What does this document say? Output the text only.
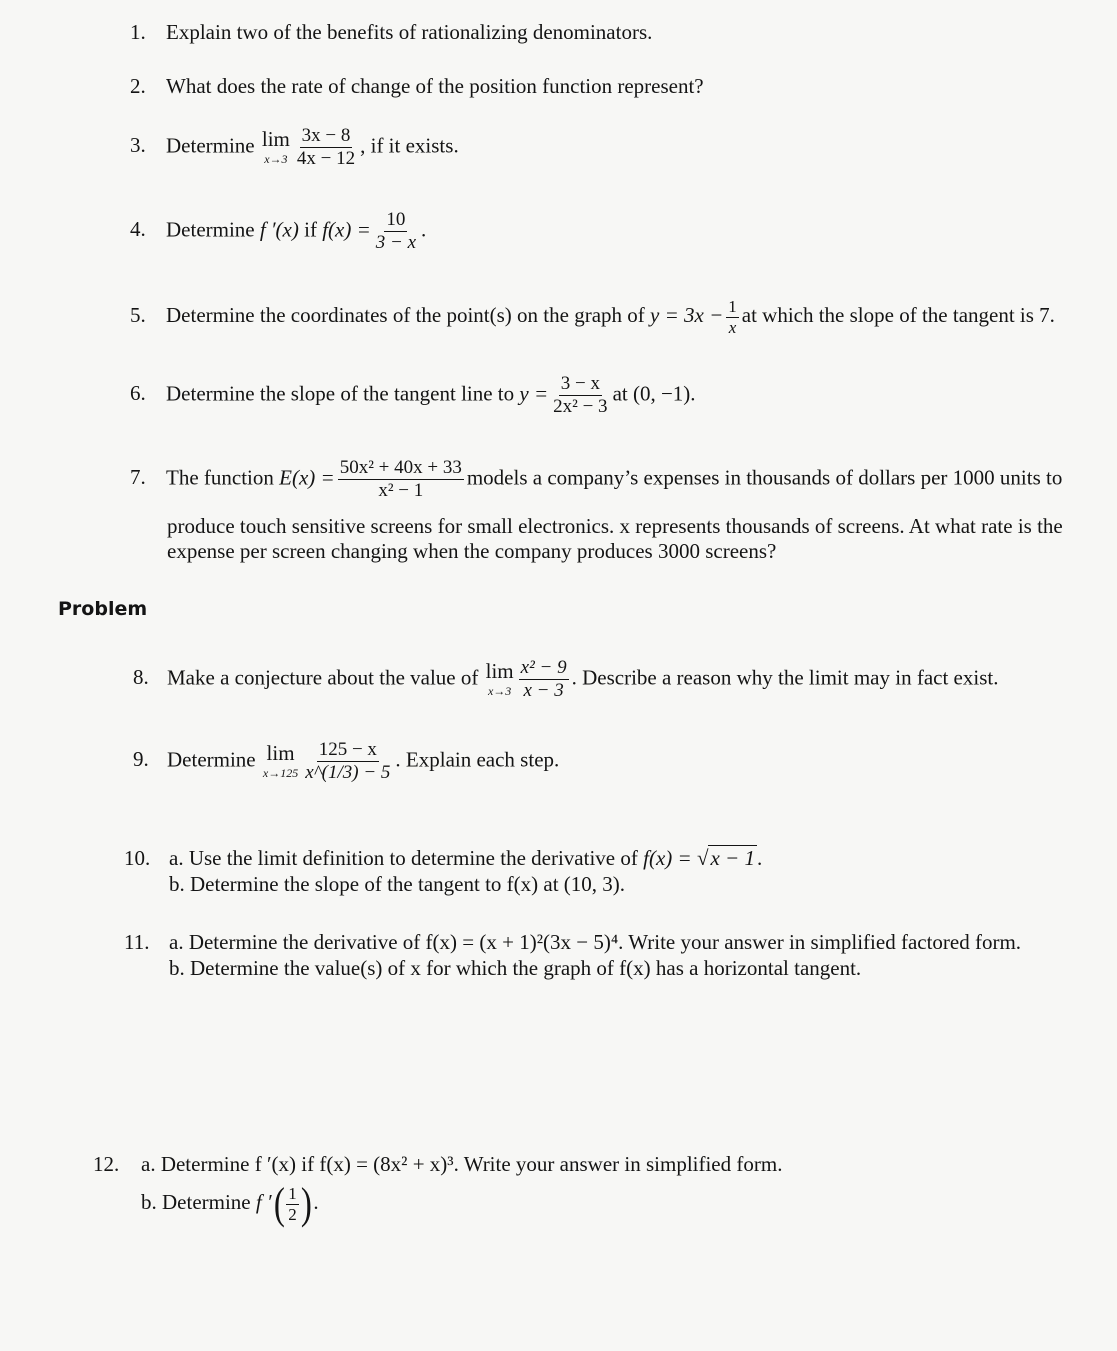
1. Explain two of the benefits of rationalizing denominators.
2. What does the rate of change of the position function represent?
3. Determine lim
$x\to 3 \frac{3x - 8}{4x - 12}$ , if it exists.
4. Determine f ′(x) if $f(x) = \frac{10}{3 - x}$ .
5. Determine the coordinates of the point(s) on the graph of $y = 3x - \frac{1}{x}$ at which the slope of the tangent is 7.
6. Determine the slope of the tangent line to $y = \frac{3 - x}{\text{2x² − 3}}$ at (0, −1).
7. The function $E(x) = \frac{\text{50x² + 40x + 33}}{\text{x² − 1}}$ models a company’s expenses in thousands of dollars per 1000 units to
produce touch sensitive screens for small electronics. x represents thousands of screens. At what rate is the
expense per screen changing when the company produces 3000 screens?
Problem
8. Make a conjecture about the value of lim
$x\to 3 \frac{\text{x² − 9}}{x - 3}$ . Describe a reason why the limit may in fact exist.
9. Determine lim
$x\to 125 \frac{125 - x}{x\^{}(1/3) - 5}$ . Explain each step.
10. a. Use the limit definition to determine the derivative of f(x) = √x − 1.
b. Determine the slope of the tangent to f(x) at (10, 3).
11. a. Determine the derivative of f(x) = (x + 1)²(3x − 5)⁴. Write your answer in simplified factored form.
b. Determine the value(s) of x for which the graph of f(x) has a horizontal tangent.
12. a. Determine f ′(x) if f(x) = (8x² + x)³. Write your answer in simplified form.
b. Determine f ′( $\frac{1}{2}$ ).
